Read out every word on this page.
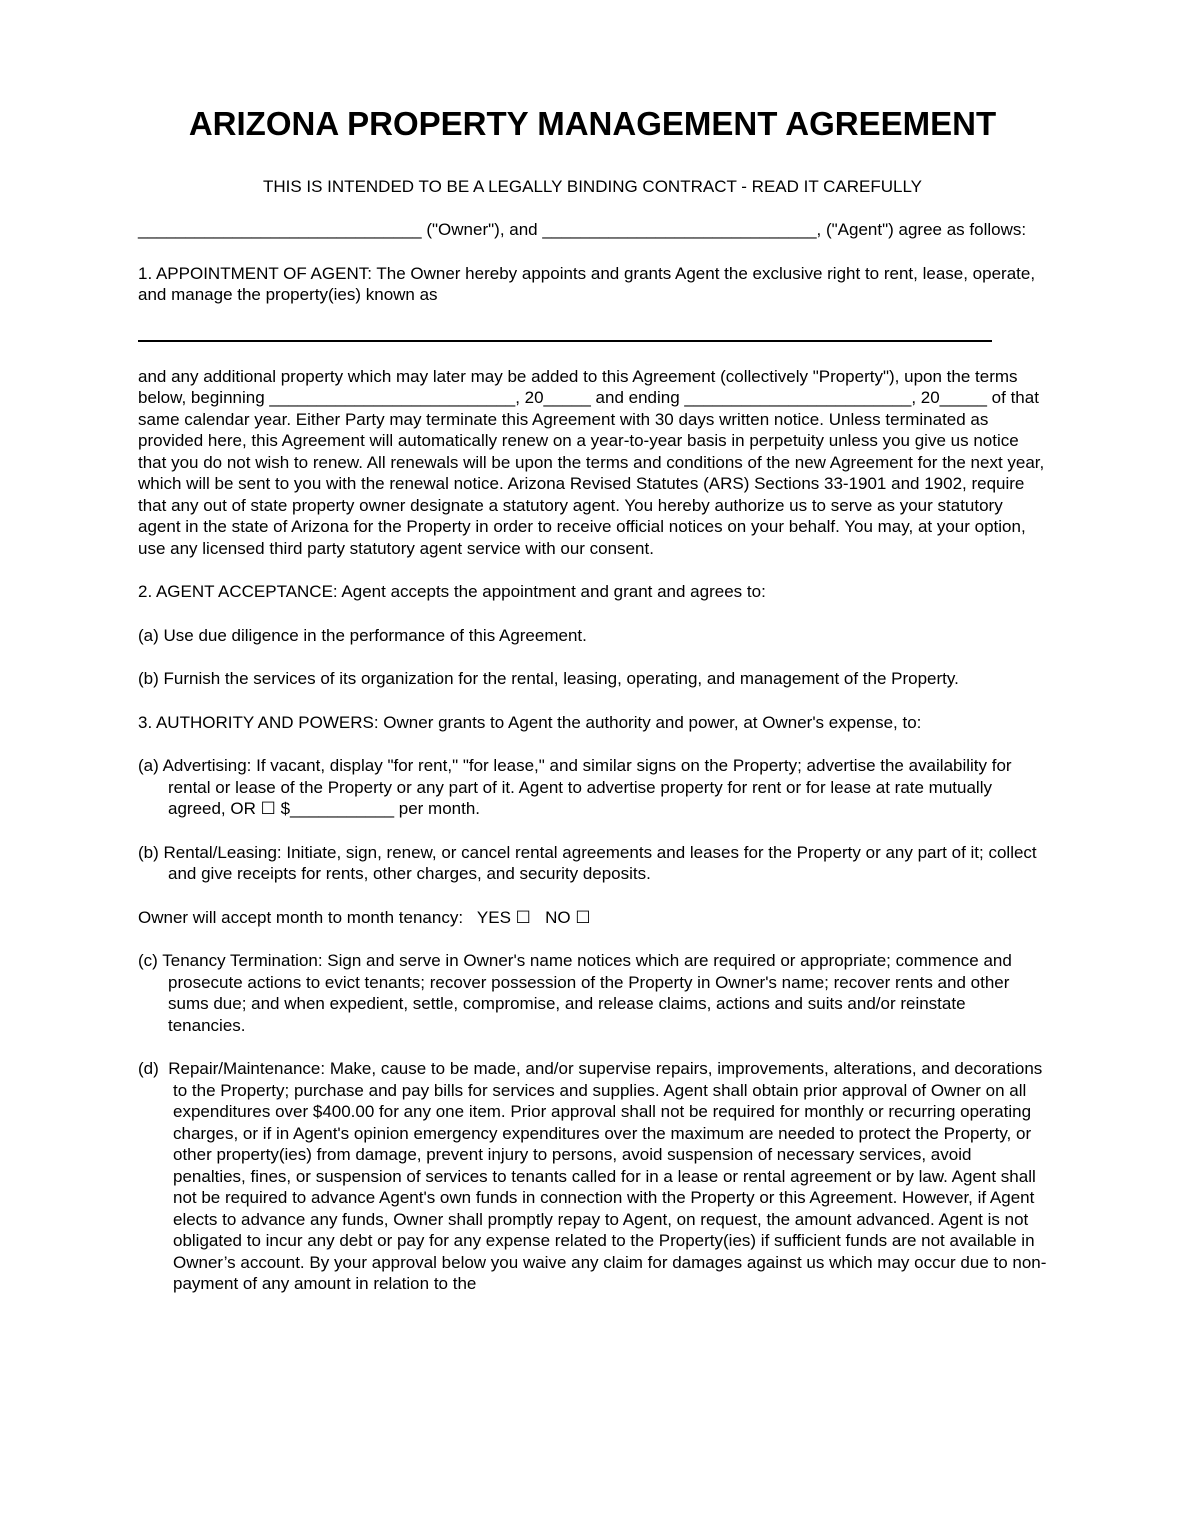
ARIZONA PROPERTY MANAGEMENT AGREEMENT

THIS IS INTENDED TO BE A LEGALLY BINDING CONTRACT - READ IT CAREFULLY

______________________________ ("Owner"), and _____________________________, ("Agent") agree as follows:

1. APPOINTMENT OF AGENT: The Owner hereby appoints and grants Agent the exclusive right to rent, lease, operate, and manage the property(ies) known as

and any additional property which may later may be added to this Agreement (collectively "Property"), upon the terms below, beginning __________________________, 20_____ and ending ________________________, 20_____ of that same calendar year. Either Party may terminate this Agreement with 30 days written notice. Unless terminated as provided here, this Agreement will automatically renew on a year-to-year basis in perpetuity unless you give us notice that you do not wish to renew. All renewals will be upon the terms and conditions of the new Agreement for the next year, which will be sent to you with the renewal notice. Arizona Revised Statutes (ARS) Sections 33-1901 and 1902, require that any out of state property owner designate a statutory agent. You hereby authorize us to serve as your statutory agent in the state of Arizona for the Property in order to receive official notices on your behalf. You may, at your option, use any licensed third party statutory agent service with our consent.

2. AGENT ACCEPTANCE: Agent accepts the appointment and grant and agrees to:

(a) Use due diligence in the performance of this Agreement.

(b) Furnish the services of its organization for the rental, leasing, operating, and management of the Property.

3. AUTHORITY AND POWERS: Owner grants to Agent the authority and power, at Owner's expense, to:

(a) Advertising: If vacant, display "for rent," "for lease," and similar signs on the Property; advertise the availability for rental or lease of the Property or any part of it. Agent to advertise property for rent or for lease at rate mutually agreed, OR ☐ $___________ per month.

(b) Rental/Leasing: Initiate, sign, renew, or cancel rental agreements and leases for the Property or any part of it; collect and give receipts for rents, other charges, and security deposits.

Owner will accept month to month tenancy:   YES ☐   NO ☐

(c) Tenancy Termination: Sign and serve in Owner's name notices which are required or appropriate; commence and prosecute actions to evict tenants; recover possession of the Property in Owner's name; recover rents and other sums due; and when expedient, settle, compromise, and release claims, actions and suits and/or reinstate tenancies.

(d)  Repair/Maintenance: Make, cause to be made, and/or supervise repairs, improvements, alterations, and decorations to the Property; purchase and pay bills for services and supplies. Agent shall obtain prior approval of Owner on all expenditures over $400.00 for any one item. Prior approval shall not be required for monthly or recurring operating charges, or if in Agent's opinion emergency expenditures over the maximum are needed to protect the Property, or other property(ies) from damage, prevent injury to persons, avoid suspension of necessary services, avoid penalties, fines, or suspension of services to tenants called for in a lease or rental agreement or by law. Agent shall not be required to advance Agent's own funds in connection with the Property or this Agreement. However, if Agent elects to advance any funds, Owner shall promptly repay to Agent, on request, the amount advanced. Agent is not obligated to incur any debt or pay for any expense related to the Property(ies) if sufficient funds are not available in Owner’s account. By your approval below you waive any claim for damages against us which may occur due to non-payment of any amount in relation to the
